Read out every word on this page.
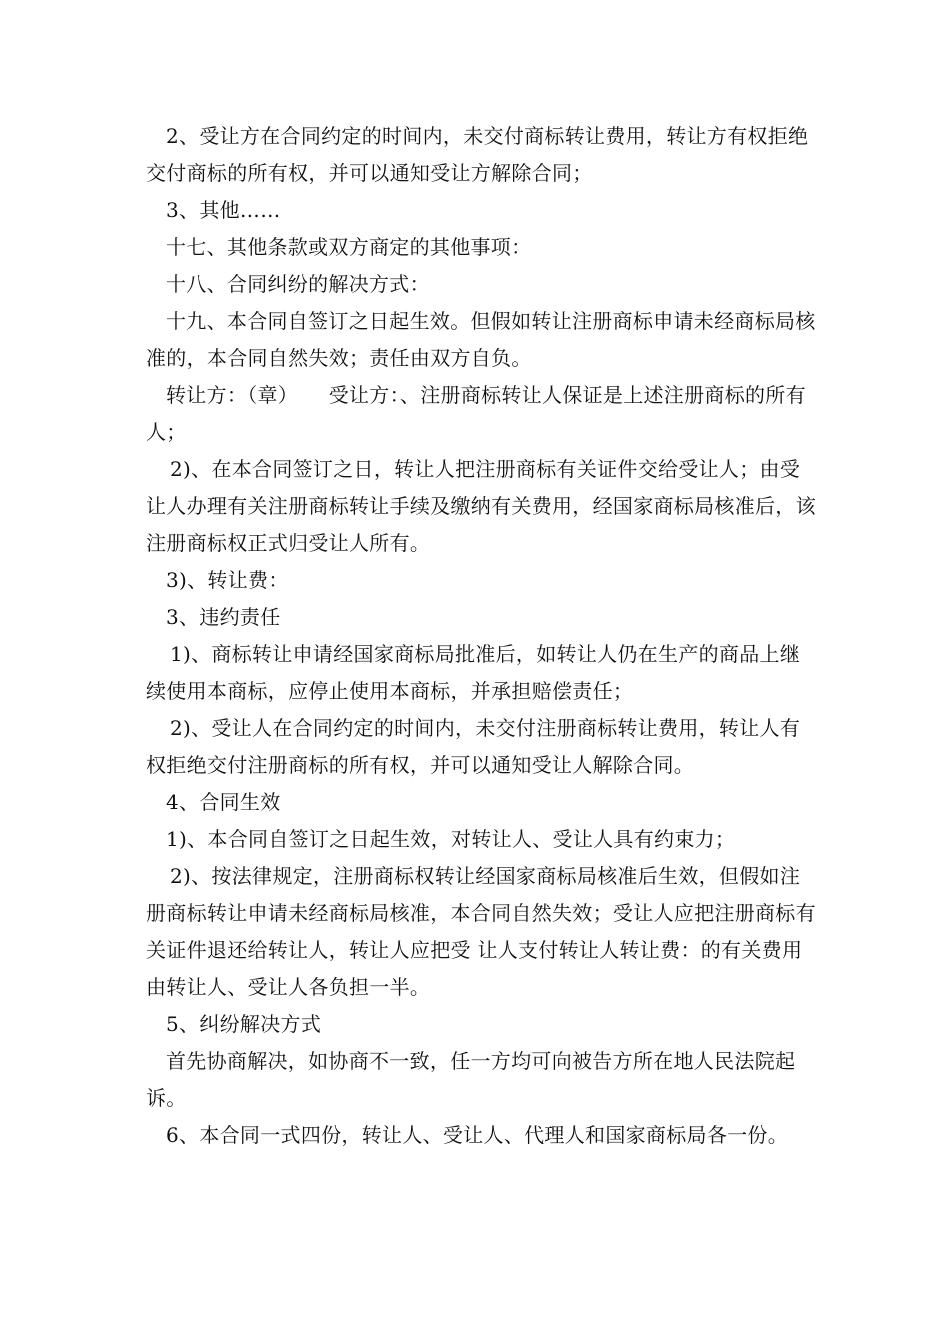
2、受让方在合同约定的时间内，未交付商标转让费用，转让方有权拒绝交付商标的所有权，并可以通知受让方解除合同；

3、其他……

十七、其他条款或双方商定的其他事项：

十八、合同纠纷的解决方式：

十九、本合同自签订之日起生效。但假如转让注册商标申请未经商标局核准的，本合同自然失效；责任由双方自负。

转让方：（章）　　受让方：、注册商标转让人保证是上述注册商标的所有人；

2)、在本合同签订之日，转让人把注册商标有关证件交给受让人；由受让人办理有关注册商标转让手续及缴纳有关费用，经国家商标局核准后，该注册商标权正式归受让人所有。

3)、转让费：

3、违约责任

1)、商标转让申请经国家商标局批准后，如转让人仍在生产的商品上继续使用本商标，应停止使用本商标，并承担赔偿责任；

2)、受让人在合同约定的时间内，未交付注册商标转让费用，转让人有权拒绝交付注册商标的所有权，并可以通知受让人解除合同。

4、合同生效

1)、本合同自签订之日起生效，对转让人、受让人具有约束力；

2)、按法律规定，注册商标权转让经国家商标局核准后生效，但假如注册商标转让申请未经商标局核准，本合同自然失效；受让人应把注册商标有关证件退还给转让人，转让人应把受 让人支付转让人转让费：的有关费用由转让人、受让人各负担一半。

5、纠纷解决方式

首先协商解决，如协商不一致，任一方均可向被告方所在地人民法院起诉。

6、本合同一式四份，转让人、受让人、代理人和国家商标局各一份。
